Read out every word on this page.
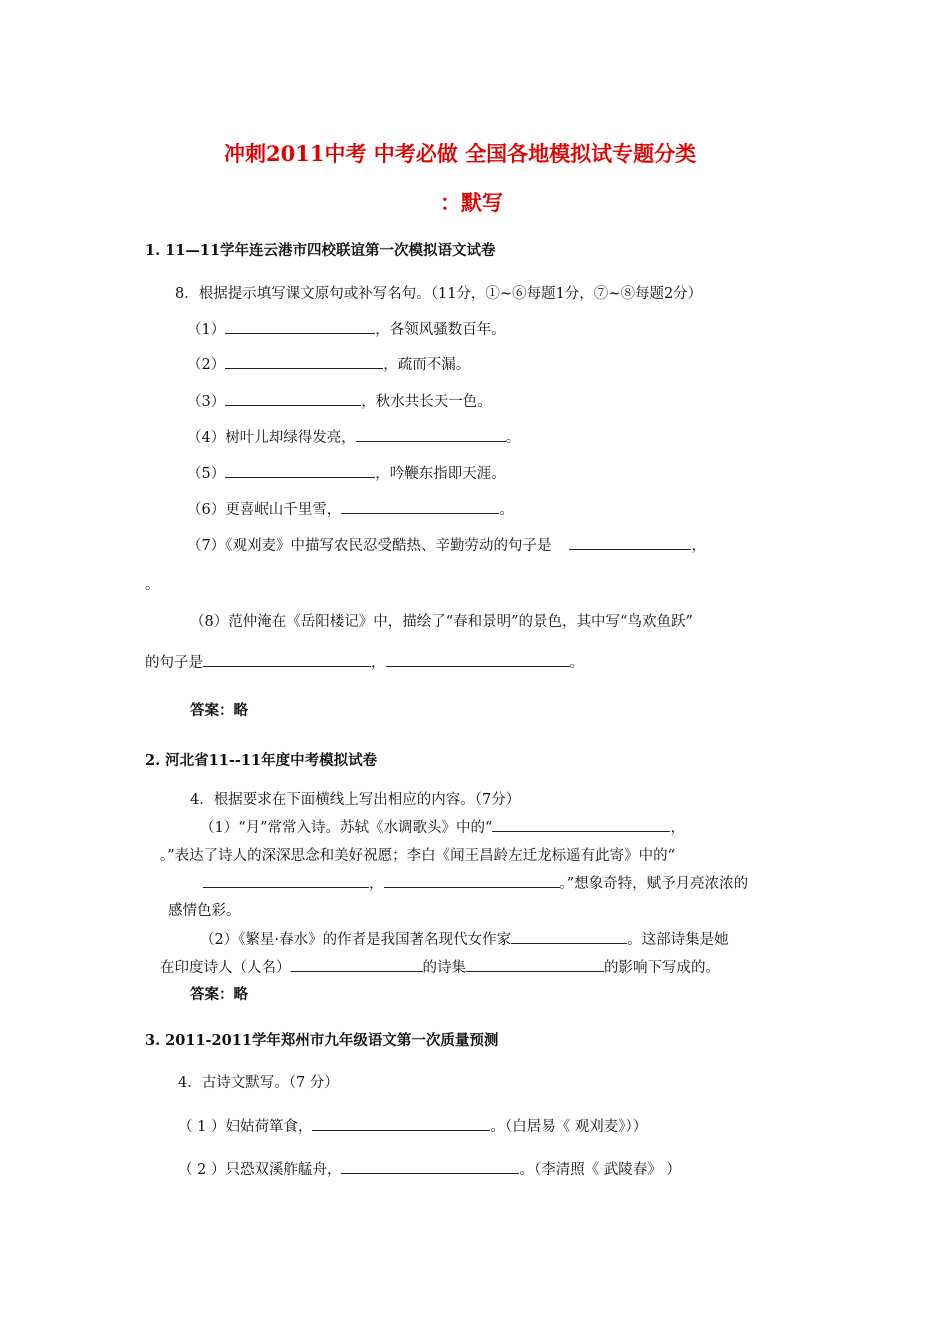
冲刺2011中考 中考必做 全国各地模拟试专题分类
：默写
1. 11—11学年连云港市四校联谊第一次模拟语文试卷
8．根据提示填写课文原句或补写名句。（11分，①~⑥每题1分，⑦~⑧每题2分）
（1）	，各领风骚数百年。
（2）	，疏而不漏。
（3）	，秋水共长天一色。
（4）树叶儿却绿得发亮，	。
（5）	，吟鞭东指即天涯。
（6）更喜岷山千里雪，	。
（7）《观刈麦》中描写农民忍受酷热、辛勤劳动的句子是	，
。
（8）范仲淹在《岳阳楼记》中，描绘了“春和景明”的景色，其中写“鸟欢鱼跃”
的句子是	，	。
答案：略
2. 河北省11--11年度中考模拟试卷
4．根据要求在下面横线上写出相应的内容。（7分）
（1）“月”常常入诗。苏轼《水调歌头》中的“	，
。”表达了诗人的深深思念和美好祝愿；李白《闻王昌龄左迁龙标遥有此寄》中的“
，	。”想象奇特，赋予月亮浓浓的
感情色彩。
（2）《繁星·春水》的作者是我国著名现代女作家	。这部诗集是她
在印度诗人（人名）	的诗集	的影响下写成的。
答案：略
3. 2011-2011学年郑州市九年级语文第一次质量预测
4．古诗文默写。（7 分）
（ 1 ）妇姑荷箪食，	。（白居易《 观刈麦》））
（ 2 ）只恐双溪舴艋舟，	。（李清照《 武陵春》 ）
